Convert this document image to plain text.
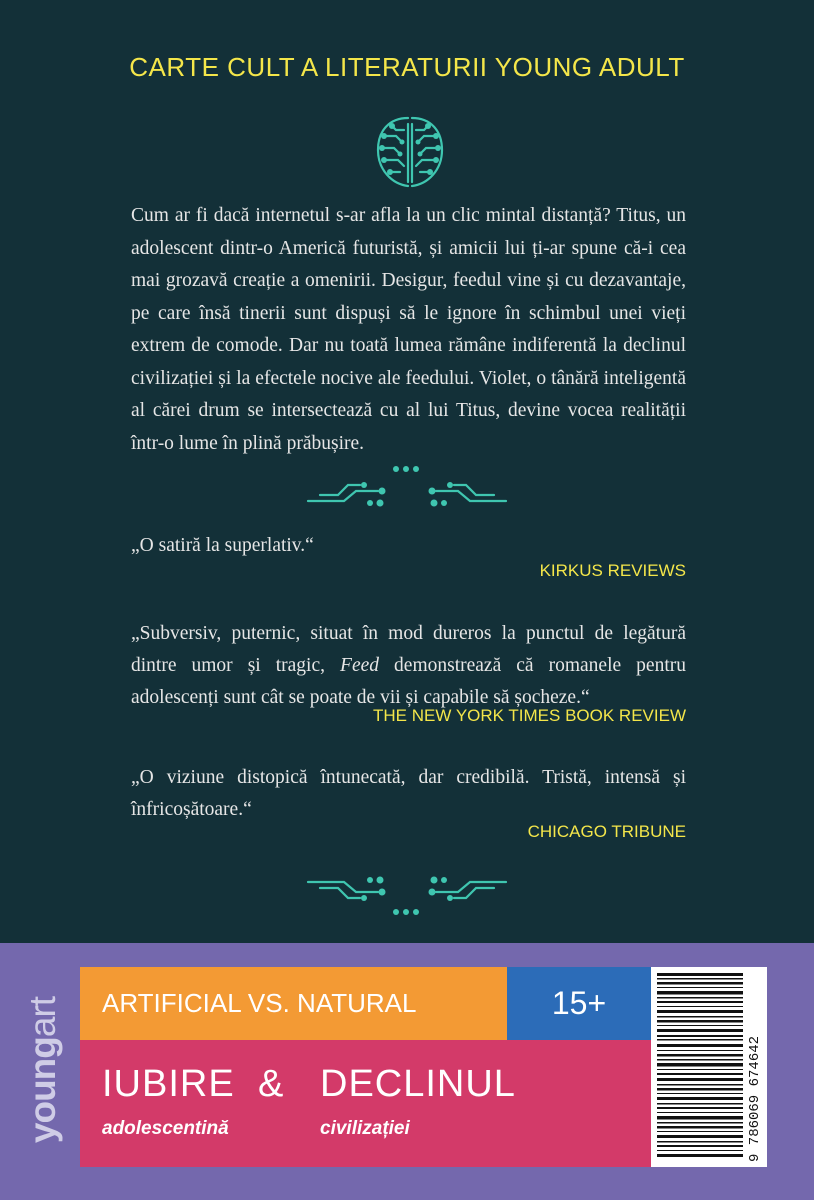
CARTE CULT A LITERATURII YOUNG ADULT

Cum ar fi dacă internetul s-ar afla la un clic mintal distanță? Titus, un adolescent dintr-o Americă futuristă, și amicii lui ți-ar spune că-i cea mai grozavă creație a omenirii. Desigur, feedul vine și cu dezavantaje, pe care însă tinerii sunt dispuși să le ignore în schimbul unei vieți extrem de comode. Dar nu toată lumea rămâne indiferentă la declinul civilizației și la efectele nocive ale feedului. Violet, o tânără inteligentă al cărei drum se intersectează cu al lui Titus, devine vocea realității într-o lume în plină prăbușire.

„O satiră la superlativ.“

KIRKUS REVIEWS

„Subversiv, puternic, situat în mod dureros la punctul de legătură dintre umor și tragic, Feed demonstrează că romanele pentru adolescenți sunt cât se poate de vii și capabile să șocheze.“

THE NEW YORK TIMES BOOK REVIEW

„O viziune distopică întunecată, dar credibilă. Tristă, intensă și înfricoșătoare.“

CHICAGO TRIBUNE
youngart	ARTIFICIAL VS. NATURAL	15+
IUBIRE & DECLINUL
adolescentină	civilizației	9 786069 674642
